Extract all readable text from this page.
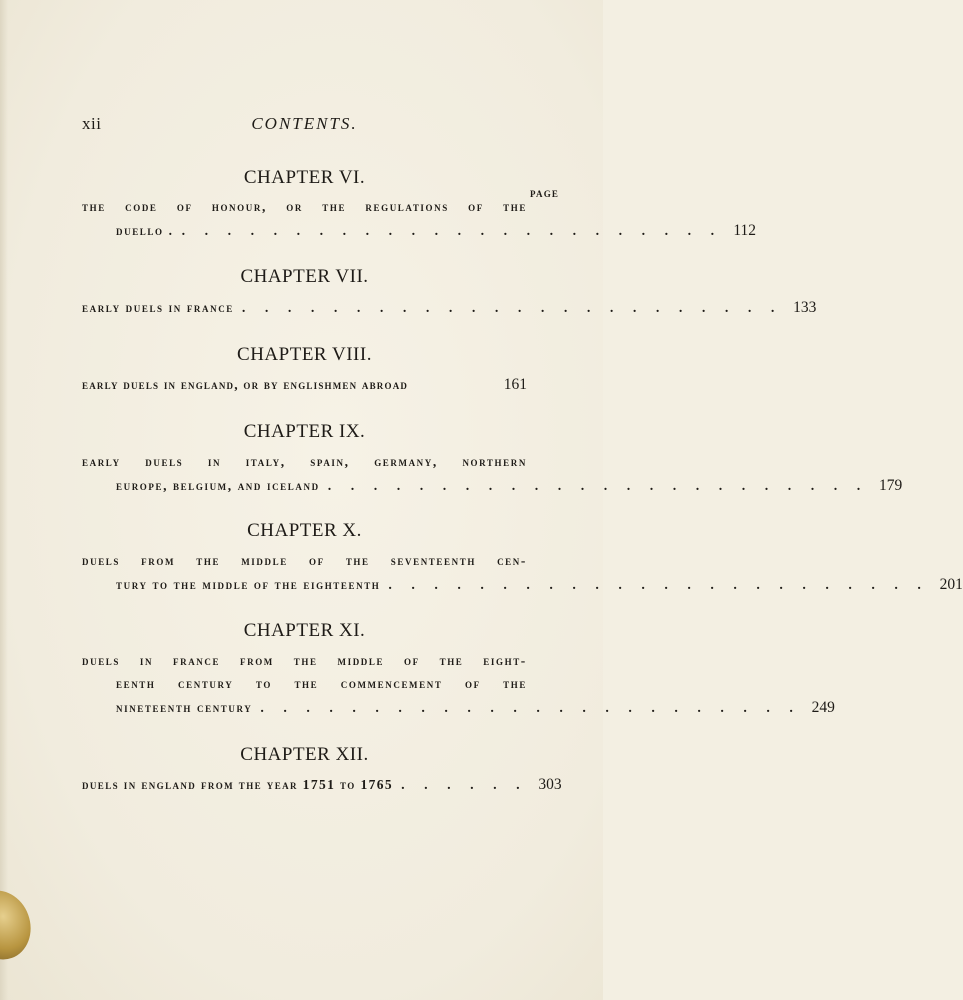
xii	CONTENTS.
PAGE
CHAPTER VI.
the code of honour, or the regulations of the
duello . . . . . . . . . . . . . . . . . . . . . . . . . 112
CHAPTER VII.
early duels in france . . . . . . . . . . . . . . . . . . . . . . . . 133
CHAPTER VIII.
early duels in england, or by englishmen abroad	161
CHAPTER IX.
early duels in italy, spain, germany, northern
europe, belgium, and iceland . . . . . . . . . . . . . . . . . . . . . . . . 179
CHAPTER X.
duels from the middle of the seventeenth cen-
tury to the middle of the eighteenth . . . . . . . . . . . . . . . . . . . . . . . . 201
CHAPTER XI.
duels in france from the middle of the eight-
eenth century to the commencement of the
nineteenth century . . . . . . . . . . . . . . . . . . . . . . . . 249
CHAPTER XII.
duels in england from the year 1751 to 1765 . . . . . . 303
